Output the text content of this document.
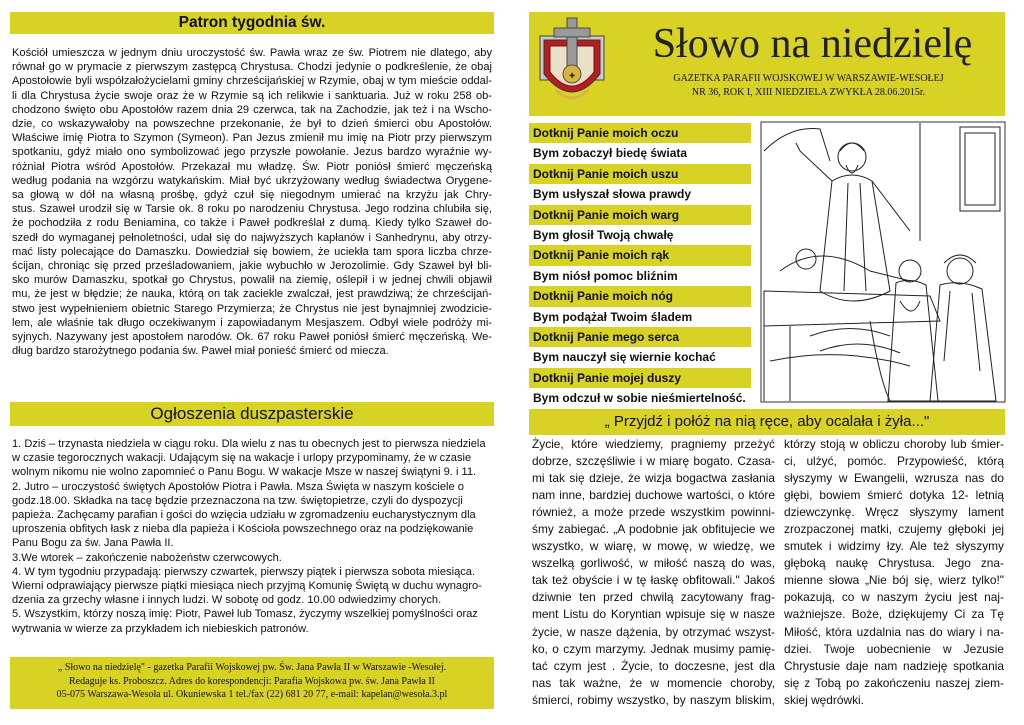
Patron tygodnia św.

Kościół umieszcza w jednym dniu uroczystość św. Pawła wraz ze św. Piotrem nie dlatego, aby

równał go w prymacie z pierwszym zastępcą Chrystusa. Chodzi jedynie o podkreślenie, że obaj

Apostołowie byli współzałożycielami gminy chrześcijańskiej w Rzymie, obaj w tym mieście oddal-

li dla Chrystusa życie swoje oraz że w Rzymie są ich relikwie i sanktuaria. Już w roku 258 ob-

chodzono święto obu Apostołów razem dnia 29 czerwca, tak na Zachodzie, jak też i na Wscho-

dzie, co wskazywałoby na powszechne przekonanie, że był to dzień śmierci obu Apostołów.

Właściwe imię Piotra to Szymon (Symeon). Pan Jezus zmienił mu imię na Piotr przy pierwszym

spotkaniu, gdyż miało ono symbolizować jego przyszłe powołanie. Jezus bardzo wyraźnie wy-

różniał Piotra wśród Apostołów. Przekazał mu władzę. Św. Piotr poniósł śmierć męczeńską

według podania na wzgórzu watykańskim. Miał być ukrzyżowany według świadectwa Orygene-

sa głową w dół na własną prośbę, gdyż czuł się niegodnym umierać na krzyżu jak Chry-

stus. Szaweł urodził się w Tarsie ok. 8 roku po narodzeniu Chrystusa. Jego rodzina chlubiła się,

że pochodziła z rodu Beniamina, co także i Paweł podkreślał z dumą. Kiedy tylko Szaweł do-

szedł do wymaganej pełnoletności, udał się do najwyższych kapłanów i Sanhedrynu, aby otrzy-

mać listy polecające do Damaszku. Dowiedział się bowiem, że uciekła tam spora liczba chrze-

ścijan, chroniąc się przed prześladowaniem, jakie wybuchło w Jerozolimie. Gdy Szaweł był bli-

sko murów Damaszku, spotkał go Chrystus, powalił na ziemię, oślepił i w jednej chwili objawił

mu, że jest w błędzie; że nauka, którą on tak zaciekle zwalczał, jest prawdziwą; że chrześcijań-

stwo jest wypełnieniem obietnic Starego Przymierza; że Chrystus nie jest bynajmniej zwodzicie-

lem, ale właśnie tak długo oczekiwanym i zapowiadanym Mesjaszem. Odbył wiele podróży mi-

syjnych. Nazywany jest apostołem narodów. Ok. 67 roku Paweł poniósł śmierć męczeńską. We-

dług bardzo starożytnego podania św. Paweł miał ponieść śmierć od miecza.

Ogłoszenia duszpasterskie

1. Dziś – trzynasta niedziela w ciągu roku. Dla wielu z nas tu obecnych jest to pierwsza niedziela

w czasie tegorocznych wakacji. Udającym się na wakacje i urlopy przypominamy, że w czasie

wolnym nikomu nie wolno zapomnieć o Panu Bogu. W wakacje Msze w naszej świątyni 9. i 11.

2. Jutro – uroczystość świętych Apostołów Piotra i Pawła. Msza Święta w naszym kościele o

godz.18.00. Składka na tacę będzie przeznaczona na tzw. świętopietrze, czyli do dyspozycji

papieża. Zachęcamy parafian i gości do wzięcia udziału w zgromadzeniu eucharystycznym dla

uproszenia obfitych łask z nieba dla papieża i Kościoła powszechnego oraz na podziękowanie

Panu Bogu za św. Jana Pawła II.

3.We wtorek – zakończenie nabożeństw czerwcowych.

4. W tym tygodniu przypadają: pierwszy czwartek, pierwszy piątek i pierwsza sobota miesiąca.

Wierni odprawiający pierwsze piątki miesiąca niech przyjmą Komunię Świętą w duchu wynagro-

dzenia za grzechy własne i innych ludzi. W sobotę od godz. 10.00 odwiedzimy chorych.

5. Wszystkim, którzy noszą imię: Piotr, Paweł lub Tomasz, życzymy wszelkiej pomyślności oraz

wytrwania w wierze za przykładem ich niebieskich patronów.

„ Słowo na niedzielę" - gazetka Parafii Wojskowej pw. Św. Jana Pawła II w Warszawie -Wesołej.

Redaguje ks. Proboszcz. Adres do korespondencji: Parafia Wojskowa pw. św. Jana Pawła II

05-075 Warszawa-Wesoła ul. Okuniewska 1 tel./fax (22) 681 20 77, e-mail: kapelan@wesoła.3.pl

✚
Słowo na niedzielę
GAZETKA PARAFII WOJSKOWEJ W WARSZAWIE-WESOŁEJ
NR 36, ROK I, XIII NIEDZIELA ZWYKŁA 28.06.2015r.
Dotknij Panie moich oczu
Bym zobaczył biedę świata
Dotknij Panie moich uszu
Bym usłyszał słowa prawdy
Dotknij Panie moich warg
Bym głosił Twoją chwałę
Dotknij Panie moich rąk
Bym niósł pomoc bliźnim
Dotknij Panie moich nóg
Bym podążał Twoim śladem
Dotknij Panie mego serca
Bym nauczył się wiernie kochać
Dotknij Panie mojej duszy
Bym odczuł w sobie nieśmiertelność.
„ Przyjdź i połóż na nią ręce, aby ocalała i żyła..."

Życie, które wiedziemy, pragniemy przeżyć

dobrze, szczęśliwie i w miarę bogato. Czasa-

mi tak się dzieje, że wizja bogactwa zasłania

nam inne, bardziej duchowe wartości, o które

również, a może przede wszystkim powinni-

śmy zabiegać. „A podobnie jak obfitujecie we

wszystko, w wiarę, w mowę, w wiedzę, we

wszelką gorliwość, w miłość naszą do was,

tak też obyście i w tę łaskę obfitowali." Jakoś

dziwnie ten przed chwilą zacytowany frag-

ment Listu do Koryntian wpisuje się w nasze

życie, w nasze dążenia, by otrzymać wszyst-

ko, o czym marzymy. Jednak musimy pamię-

tać czym jest . Życie, to doczesne, jest dla

nas tak ważne, że w momencie choroby,

śmierci, robimy wszystko, by naszym bliskim,

którzy stoją w obliczu choroby lub śmier-

ci, ulżyć, pomóc. Przypowieść, którą

słyszymy w Ewangelii, wzrusza nas do

głębi, bowiem śmierć dotyka 12- letnią

dziewczynkę. Wręcz słyszymy lament

zrozpaczonej matki, czujemy głęboki jej

smutek i widzimy łzy. Ale też słyszymy

głęboką naukę Chrystusa. Jego zna-

mienne słowa „Nie bój się, wierz tylko!"

pokazują, co w naszym życiu jest naj-

ważniejsze. Boże, dziękujemy Ci za Tę

Miłość, która uzdalnia nas do wiary i na-

dziei. Twoje uobecnienie w Jezusie

Chrystusie daje nam nadzieję spotkania

się z Tobą po zakończeniu naszej ziem-

skiej wędrówki.
